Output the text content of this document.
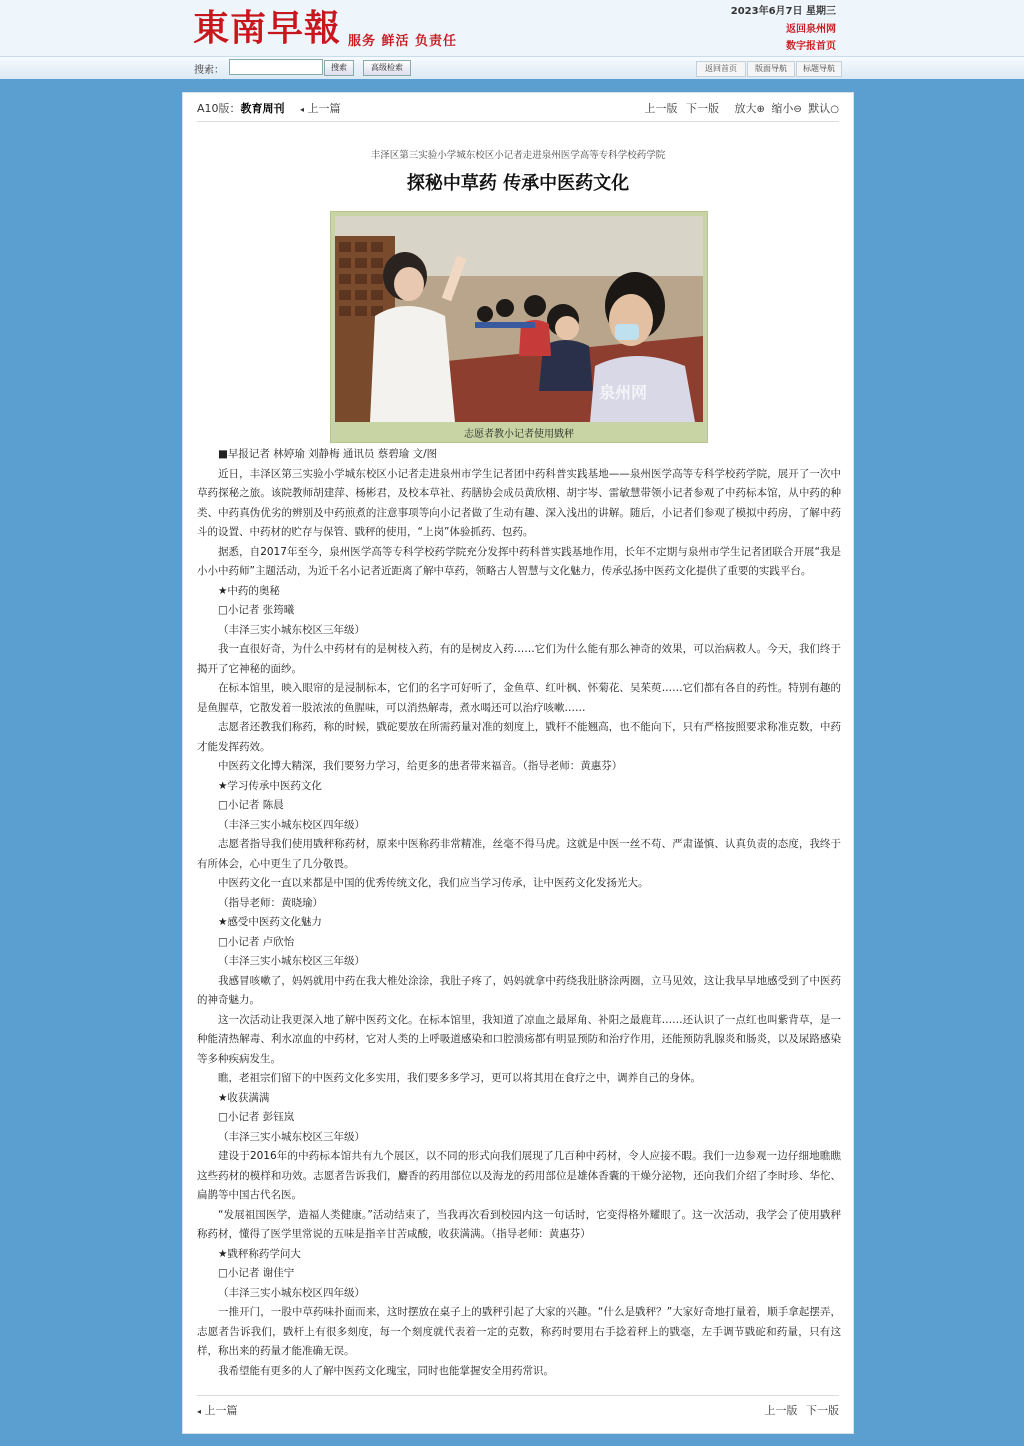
東南早報 服务 鲜活 负责任
2023年6月7日 星期三
返回泉州网
数字报首页
搜索：	搜索	高级检索	返回首页	版面导航	标题导航
A10版：教育周刊 ◂ 上一篇	上一版 下一版 放大⊕ 缩小⊖ 默认○
丰泽区第三实验小学城东校区小记者走进泉州医学高等专科学校药学院
探秘中草药 传承中医药文化
泉州网
志愿者教小记者使用戥秤

■早报记者 林婷瑜 刘静梅 通讯员 蔡碧瑜 文/图

近日，丰泽区第三实验小学城东校区小记者走进泉州市学生记者团中药科普实践基地——泉州医学高等专科学校药学院，展开了一次中草药探秘之旅。该院教师胡建萍、杨彬君，及校本草社、药膳协会成员黄欣栩、胡宇岑、雷敏慧带领小记者参观了中药标本馆，从中药的种类、中药真伪优劣的辨别及中药煎煮的注意事项等向小记者做了生动有趣、深入浅出的讲解。随后，小记者们参观了模拟中药房，了解中药斗的设置、中药材的贮存与保管、戥秤的使用，“上岗”体验抓药、包药。

据悉，自2017年至今，泉州医学高等专科学校药学院充分发挥中药科普实践基地作用，长年不定期与泉州市学生记者团联合开展“我是小小中药师”主题活动，为近千名小记者近距离了解中草药，领略古人智慧与文化魅力，传承弘扬中医药文化提供了重要的实践平台。

★中药的奥秘

□小记者 张筠曦

（丰泽三实小城东校区三年级）

我一直很好奇，为什么中药材有的是树枝入药，有的是树皮入药……它们为什么能有那么神奇的效果，可以治病救人。今天，我们终于揭开了它神秘的面纱。

在标本馆里，映入眼帘的是浸制标本，它们的名字可好听了，金鱼草、红叶枫、怀菊花、吴茱萸……它们都有各自的药性。特别有趣的是鱼腥草，它散发着一股浓浓的鱼腥味，可以消热解毒，煮水喝还可以治疗咳嗽……

志愿者还教我们称药，称的时候，戥砣要放在所需药量对准的刻度上，戥杆不能翘高，也不能向下，只有严格按照要求称准克数，中药才能发挥药效。

中医药文化博大精深，我们要努力学习，给更多的患者带来福音。（指导老师：黄惠芬）

★学习传承中医药文化

□小记者 陈晨

（丰泽三实小城东校区四年级）

志愿者指导我们使用戥秤称药材，原来中医称药非常精准，丝毫不得马虎。这就是中医一丝不苟、严肃谨慎、认真负责的态度，我终于有所体会，心中更生了几分敬畏。

中医药文化一直以来都是中国的优秀传统文化，我们应当学习传承，让中医药文化发扬光大。

（指导老师：黄晓瑜）

★感受中医药文化魅力

□小记者 卢欣怡

（丰泽三实小城东校区三年级）

我感冒咳嗽了，妈妈就用中药在我大椎处涂涂，我肚子疼了，妈妈就拿中药绕我肚脐涂两圈，立马见效，这让我早早地感受到了中医药的神奇魅力。

这一次活动让我更深入地了解中医药文化。在标本馆里，我知道了凉血之最犀角、补阳之最鹿茸……还认识了一点红也叫紫背草，是一种能清热解毒、利水凉血的中药材，它对人类的上呼吸道感染和口腔溃疡都有明显预防和治疗作用，还能预防乳腺炎和肠炎，以及尿路感染等多种疾病发生。

瞧，老祖宗们留下的中医药文化多实用，我们要多多学习，更可以将其用在食疗之中，调养自己的身体。

★收获满满

□小记者 彭钰岚

（丰泽三实小城东校区三年级）

建设于2016年的中药标本馆共有九个展区，以不同的形式向我们展现了几百种中药材，令人应接不暇。我们一边参观一边仔细地瞧瞧这些药材的模样和功效。志愿者告诉我们，麝香的药用部位以及海龙的药用部位是雄体香囊的干燥分泌物，还向我们介绍了李时珍、华佗、扁鹊等中国古代名医。

“发展祖国医学，造福人类健康。”活动结束了，当我再次看到校园内这一句话时，它变得格外耀眼了。这一次活动，我学会了使用戥秤称药材，懂得了医学里常说的五味是指辛甘苦咸酸，收获满满。（指导老师：黄惠芬）

★戥秤称药学问大

□小记者 谢佳宁

（丰泽三实小城东校区四年级）

一推开门，一股中草药味扑面而来，这时摆放在桌子上的戥秤引起了大家的兴趣。“什么是戥秤？”大家好奇地打量着，顺手拿起摆弄，志愿者告诉我们，戥杆上有很多刻度，每一个刻度就代表着一定的克数，称药时要用右手捻着秤上的戥毫，左手调节戥砣和药量，只有这样，称出来的药量才能准确无误。

我希望能有更多的人了解中医药文化瑰宝，同时也能掌握安全用药常识。

◂ 上一篇	上一版 下一版
